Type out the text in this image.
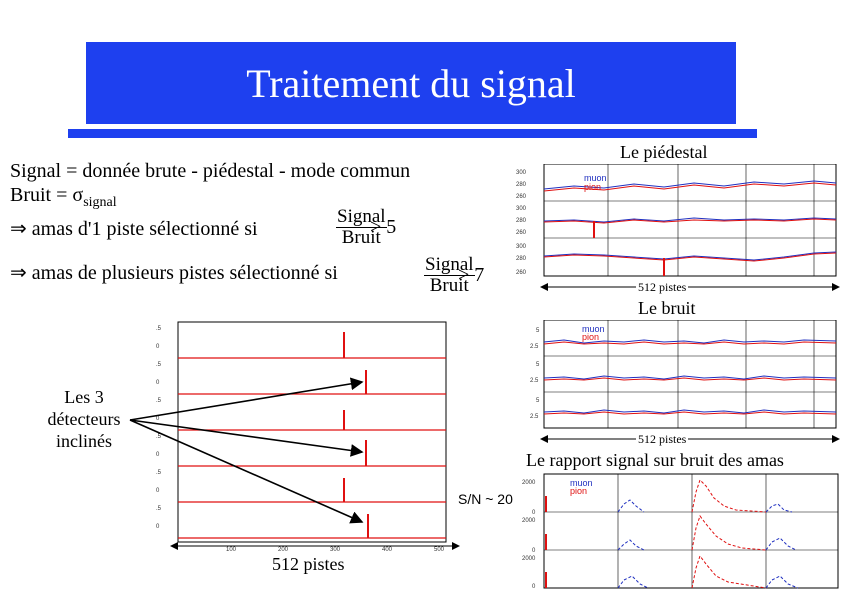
Traitement du signal
Signal = donnée brute - piédestal - mode commun
Bruit = $\sigma_{signal}$
⇒ amas d'1 piste sélectionné si
Signal
Bruit
> 5
⇒ amas de plusieurs pistes sélectionné si	Signal
Bruit
> 7
.5
0
.5
0
.5
0
.5
0
.5
0
.5
0
100	200	300	400	500
512 pistes
Les 3
détecteurs
inclinés
Le piédestal
muon
pion
300
280
260
300
280
260
300
280
260
512 pistes
Le bruit
muon
pion
5
2.5
5
2.5
5
2.5
512 pistes
Le rapport signal sur bruit des amas
S/N ~ 20
muon
pion
2000
0
2000
0
2000
0
